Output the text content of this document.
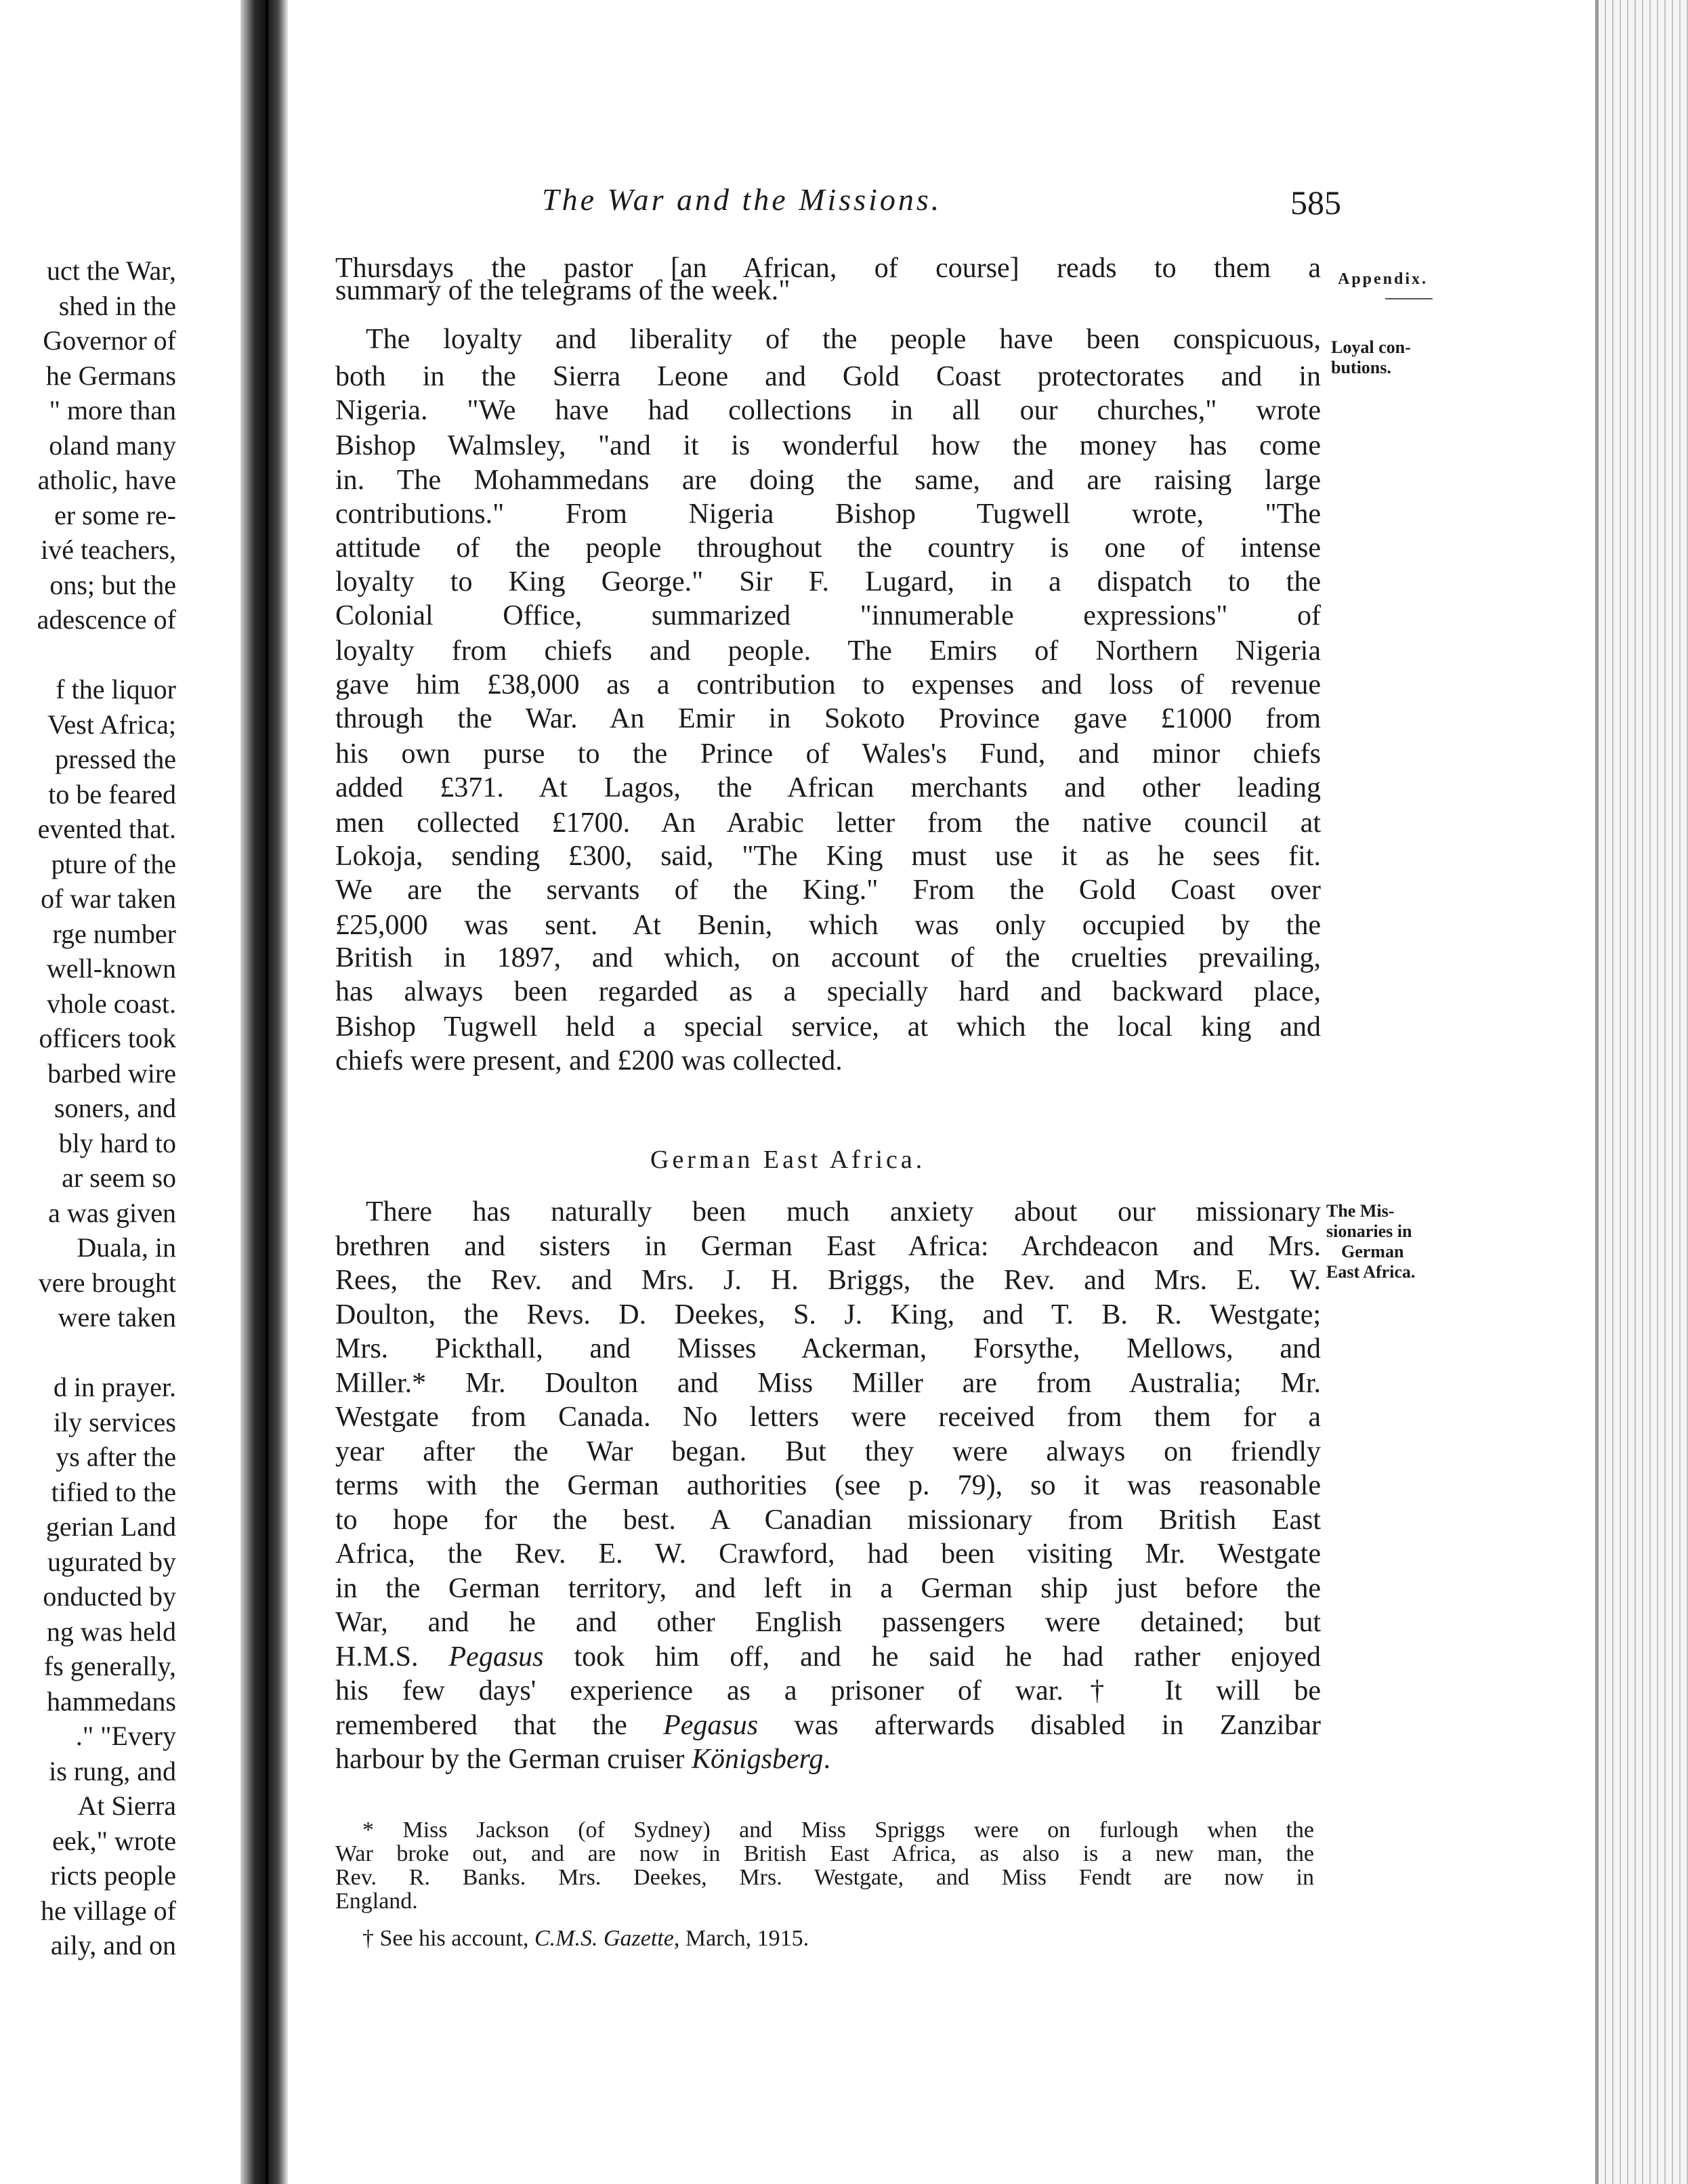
uct the War,
shed in the
Governor of
he Germans
" more than
oland many
atholic, have
er some re-
ivé teachers,
ons; but the
adescence of
f the liquor
Vest Africa;
pressed the
to be feared
evented that.
pture of the
of war taken
rge number
well-known
vhole coast.
officers took
barbed wire
soners, and
bly hard to
ar seem so
a was given
Duala, in
vere brought
were taken
d in prayer.
ily services
ys after the
tified to the
gerian Land
ugurated by
onducted by
ng was held
fs generally,
hammedans
." "Every
is rung, and
At Sierra
eek," wrote
ricts people
he village of
aily, and on
The War and the Missions.	585
Appendix.
Loyal con-
butions.
The Mis-
sionaries in
German
East Africa.
Thursdays the pastor [an African, of course] reads to them a
summary of the telegrams of the week."
The loyalty and liberality of the people have been conspicuous,
both in the Sierra Leone and Gold Coast protectorates and in
Nigeria. "We have had collections in all our churches," wrote
Bishop Walmsley, "and it is wonderful how the money has come
in. The Mohammedans are doing the same, and are raising large
contributions." From Nigeria Bishop Tugwell wrote, "The
attitude of the people throughout the country is one of intense
loyalty to King George." Sir F. Lugard, in a dispatch to the
Colonial Office, summarized "innumerable expressions" of
loyalty from chiefs and people. The Emirs of Northern Nigeria
gave him £38,000 as a contribution to expenses and loss of revenue
through the War. An Emir in Sokoto Province gave £1000 from
his own purse to the Prince of Wales's Fund, and minor chiefs
added £371. At Lagos, the African merchants and other leading
men collected £1700. An Arabic letter from the native council at
Lokoja, sending £300, said, "The King must use it as he sees fit.
We are the servants of the King." From the Gold Coast over
£25,000 was sent. At Benin, which was only occupied by the
British in 1897, and which, on account of the cruelties prevailing,
has always been regarded as a specially hard and backward place,
Bishop Tugwell held a special service, at which the local king and
chiefs were present, and £200 was collected.
German East Africa.
There has naturally been much anxiety about our missionary
brethren and sisters in German East Africa: Archdeacon and Mrs.
Rees, the Rev. and Mrs. J. H. Briggs, the Rev. and Mrs. E. W.
Doulton, the Revs. D. Deekes, S. J. King, and T. B. R. Westgate;
Mrs. Pickthall, and Misses Ackerman, Forsythe, Mellows, and
Miller.* Mr. Doulton and Miss Miller are from Australia; Mr.
Westgate from Canada. No letters were received from them for a
year after the War began. But they were always on friendly
terms with the German authorities (see p. 79), so it was reasonable
to hope for the best. A Canadian missionary from British East
Africa, the Rev. E. W. Crawford, had been visiting Mr. Westgate
in the German territory, and left in a German ship just before the
War, and he and other English passengers were detained; but
H.M.S. Pegasus took him off, and he said he had rather enjoyed
his few days' experience as a prisoner of war.† It will be
remembered that the Pegasus was afterwards disabled in Zanzibar
harbour by the German cruiser Königsberg.
* Miss Jackson (of Sydney) and Miss Spriggs were on furlough when the
War broke out, and are now in British East Africa, as also is a new man, the
Rev. R. Banks. Mrs. Deekes, Mrs. Westgate, and Miss Fendt are now in
England.
† See his account, C.M.S. Gazette, March, 1915.
